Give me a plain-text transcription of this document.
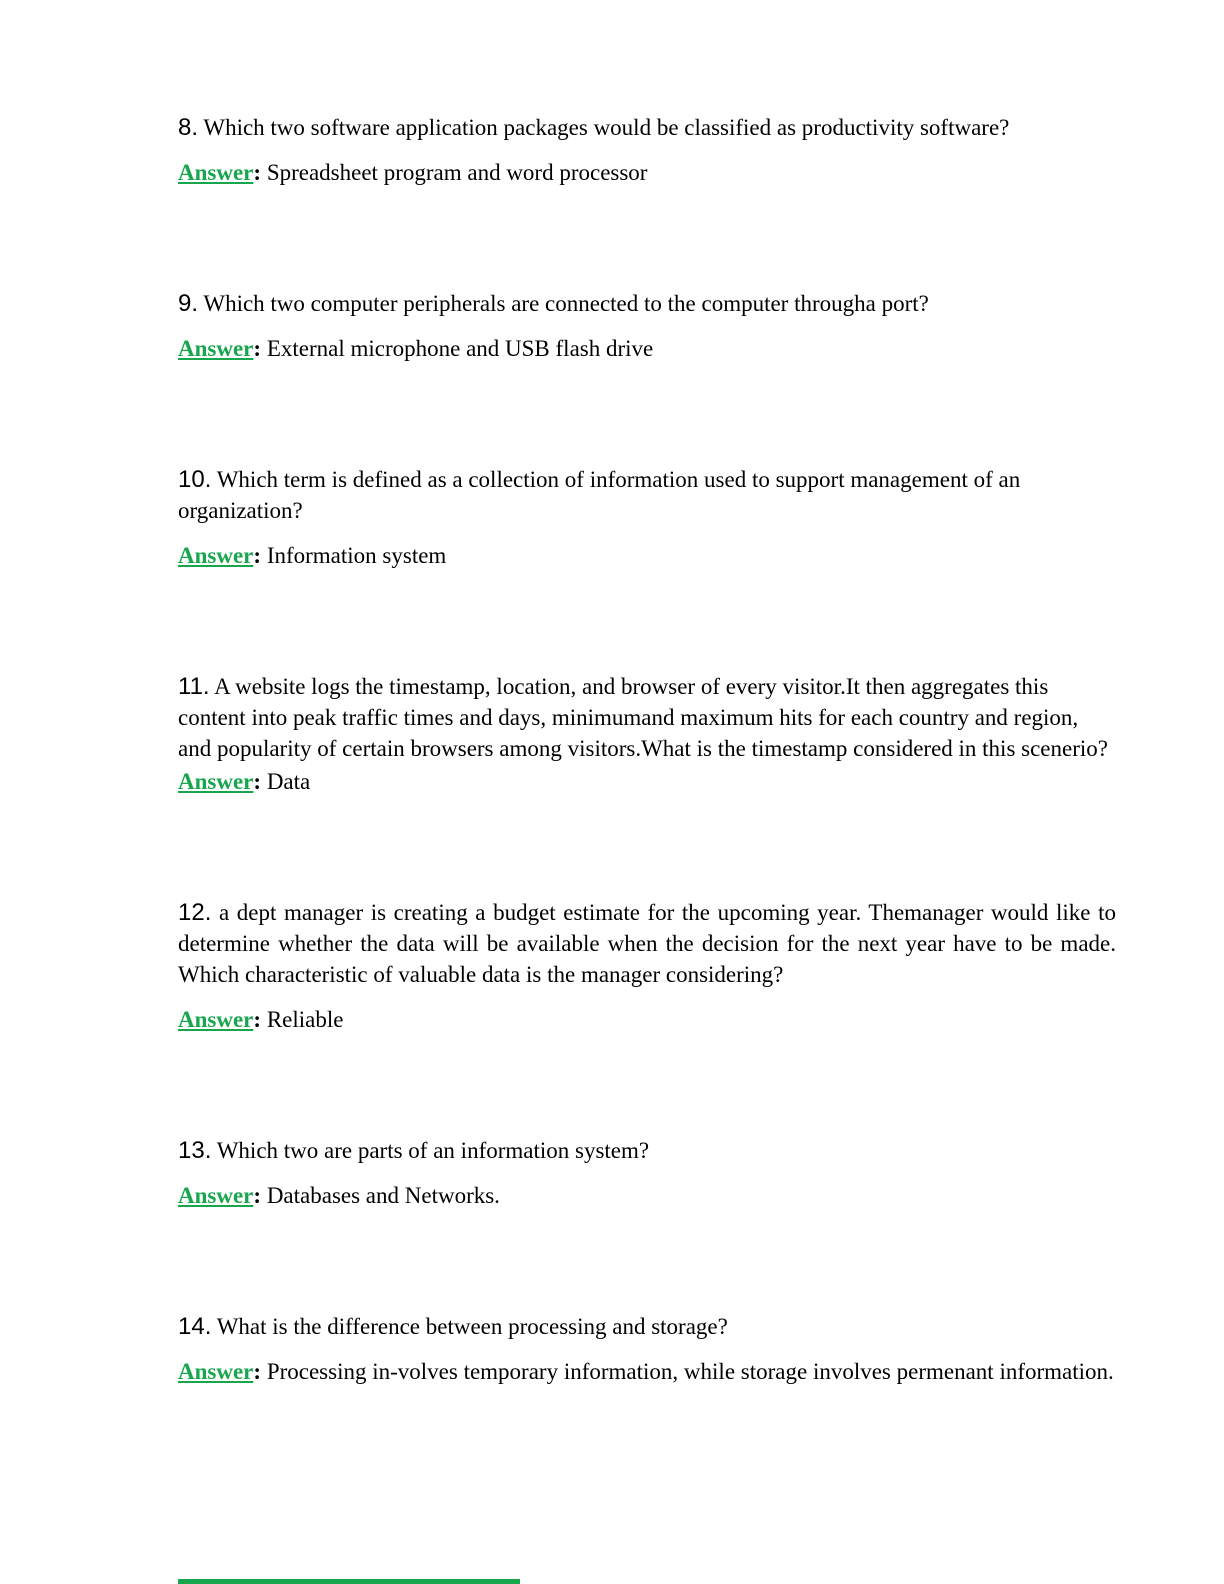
8. Which two software application packages would be classified as productivity software?

Answer: Spreadsheet program and word processor

9. Which two computer peripherals are connected to the computer througha port?

Answer: External microphone and USB flash drive

10. Which term is defined as a collection of information used to support management of an organization?

Answer: Information system

11. A website logs the timestamp, location, and browser of every visitor.It then aggregates this content into peak traffic times and days, minimumand maximum hits for each country and region, and popularity of certain browsers among visitors.What is the timestamp considered in this scenerio?

Answer: Data

12. a dept manager is creating a budget estimate for the upcoming year. Themanager would like to determine whether the data will be available when the decision for the next year have to be made. Which characteristic of valuable data is the manager considering?

Answer: Reliable

13. Which two are parts of an information system?

Answer: Databases and Networks.

14. What is the difference between processing and storage?

Answer: Processing in-volves temporary information, while storage involves permenant information.
